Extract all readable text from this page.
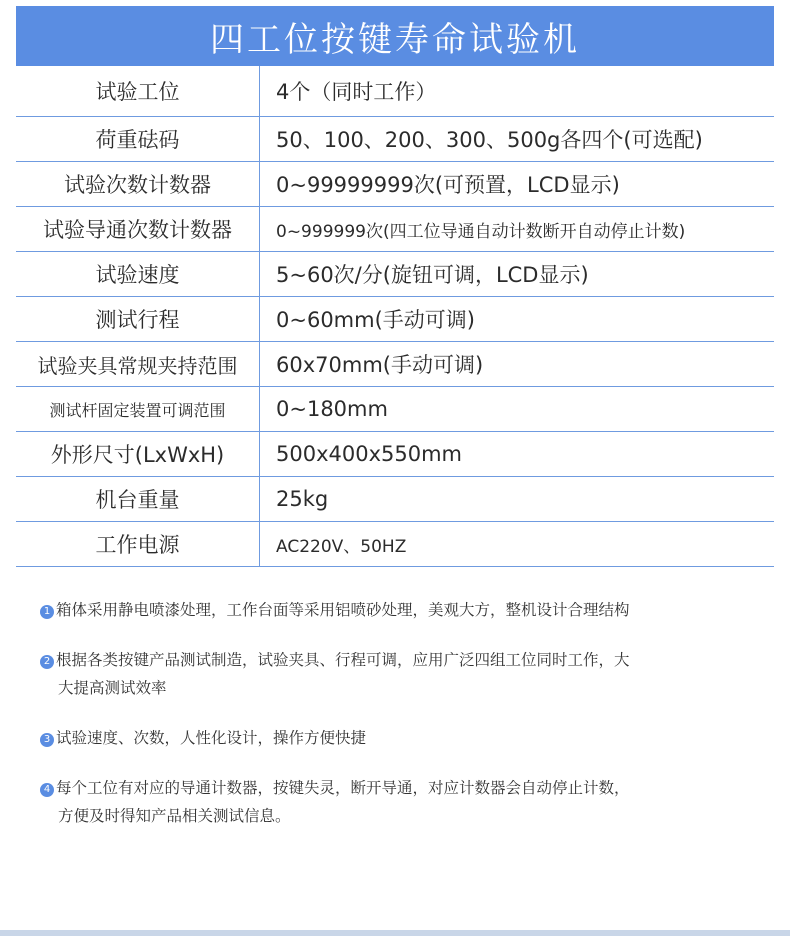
四工位按键寿命试验机
试验工位	4个（同时工作）
荷重砝码	50、100、200、300、500g各四个(可选配)
试验次数计数器	0~99999999次(可预置，LCD显示)
试验导通次数计数器	0~999999次(四工位导通自动计数断开自动停止计数)
试验速度	5~60次/分(旋钮可调，LCD显示)
测试行程	0~60mm(手动可调)
试验夹具常规夹持范围	60x70mm(手动可调)
测试杆固定装置可调范围	0~180mm
外形尺寸(LxWxH)	500x400x550mm
机台重量	25kg
工作电源	AC220V、50HZ
1 箱体采用静电喷漆处理，工作台面等采用铝喷砂处理，美观大方，整机设计合理结构
2 根据各类按键产品测试制造，试验夹具、行程可调，应用广泛四组工位同时工作，大
大提高测试效率
3 试验速度、次数，人性化设计，操作方便快捷
4 每个工位有对应的导通计数器，按键失灵，断开导通，对应计数器会自动停止计数，
方便及时得知产品相关测试信息。
